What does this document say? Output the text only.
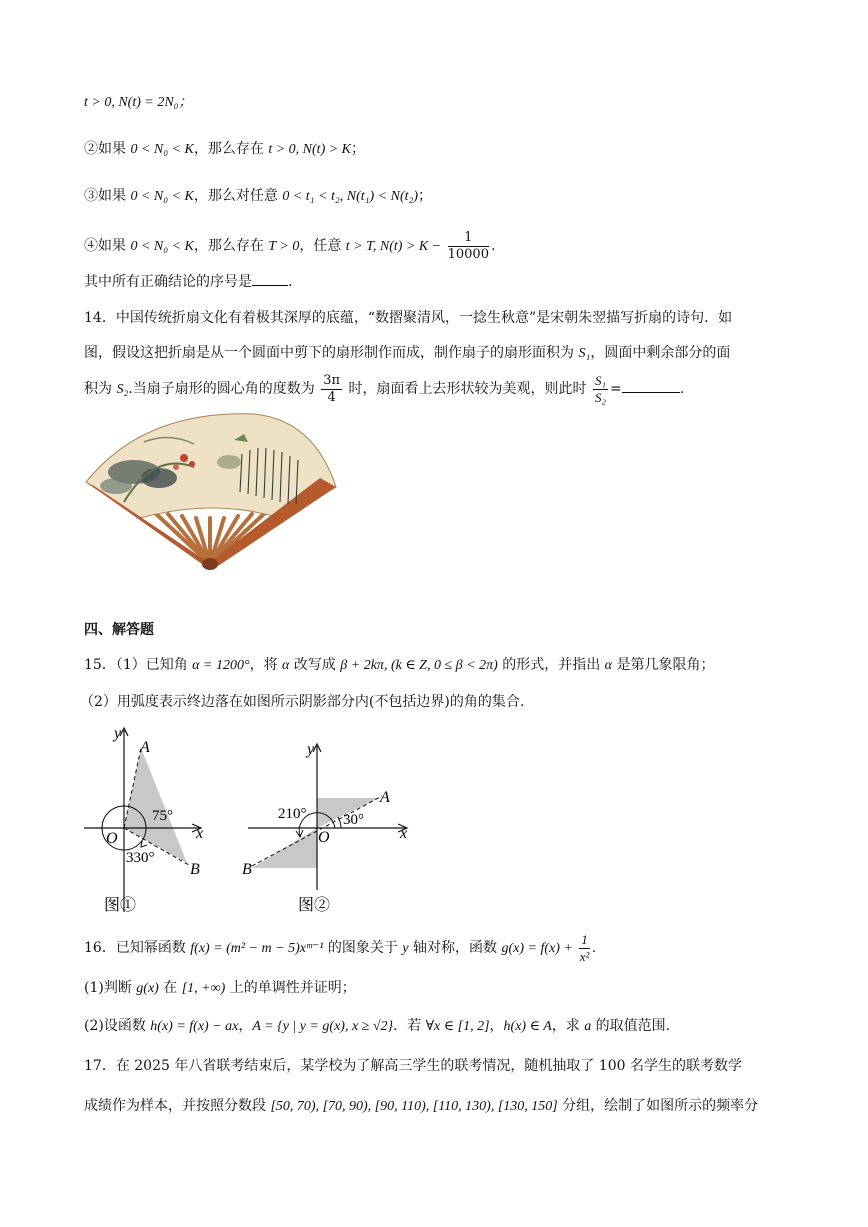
t > 0, N(t) = 2N₀；
②如果 0 < N₀ < K，那么存在 t > 0, N(t) > K；
③如果 0 < N₀ < K，那么对任意 0 < t₁ < t₂, N(t₁) < N(t₂)；
④如果 0 < N₀ < K，那么存在 T > 0，任意 t > T, $N(t) > K - \frac{1}{10000}$ .
其中所有正确结论的序号是	.
14．中国传统折扇文化有着极其深厚的底蕴，“数摺聚清风，一捻生秋意”是宋朝朱翌描写折扇的诗句．如
图，假设这把折扇是从一个圆面中剪下的扇形制作而成，制作扇子的扇形面积为 S₁，圆面中剩余部分的面
积为 S₂.当扇子扇形的圆心角的度数为 $\frac{3\pi}{4}$ 时，扇面看上去形状较为美观，则此时 $\frac{\text{S₁}}{\text{S₂}}$ =	.
四、解答题
15．（1）已知角 α = 1200°，将 α 改写成 β + 2kπ, (k ∈ Z, 0 ≤ β < 2π) 的形式，并指出 α 是第几象限角；
（2）用弧度表示终边落在如图所示阴影部分内(不包括边界)的角的集合.
y
x
O
A
B
75°
330°
图①
y
x
O
A
B
210° 30°
图②
16．已知幂函数 f(x) = (m² − m − 5)xᵐ⁻¹ 的图象关于 y 轴对称，函数 $g(x) = f(x) + \frac{1}{\text{x²}}$ .
(1)判断 g(x) 在 [1, +∞) 上的单调性并证明；
(2)设函数 h(x) = f(x) − ax，A = {y | y = g(x), x ≥ √2}．若 ∀x ∈ [1, 2]，h(x) ∈ A，求 a 的取值范围.
17．在 2025 年八省联考结束后，某学校为了解高三学生的联考情况，随机抽取了 100 名学生的联考数学
成绩作为样本，并按照分数段 [50, 70), [70, 90), [90, 110), [110, 130), [130, 150] 分组，绘制了如图所示的频率分
